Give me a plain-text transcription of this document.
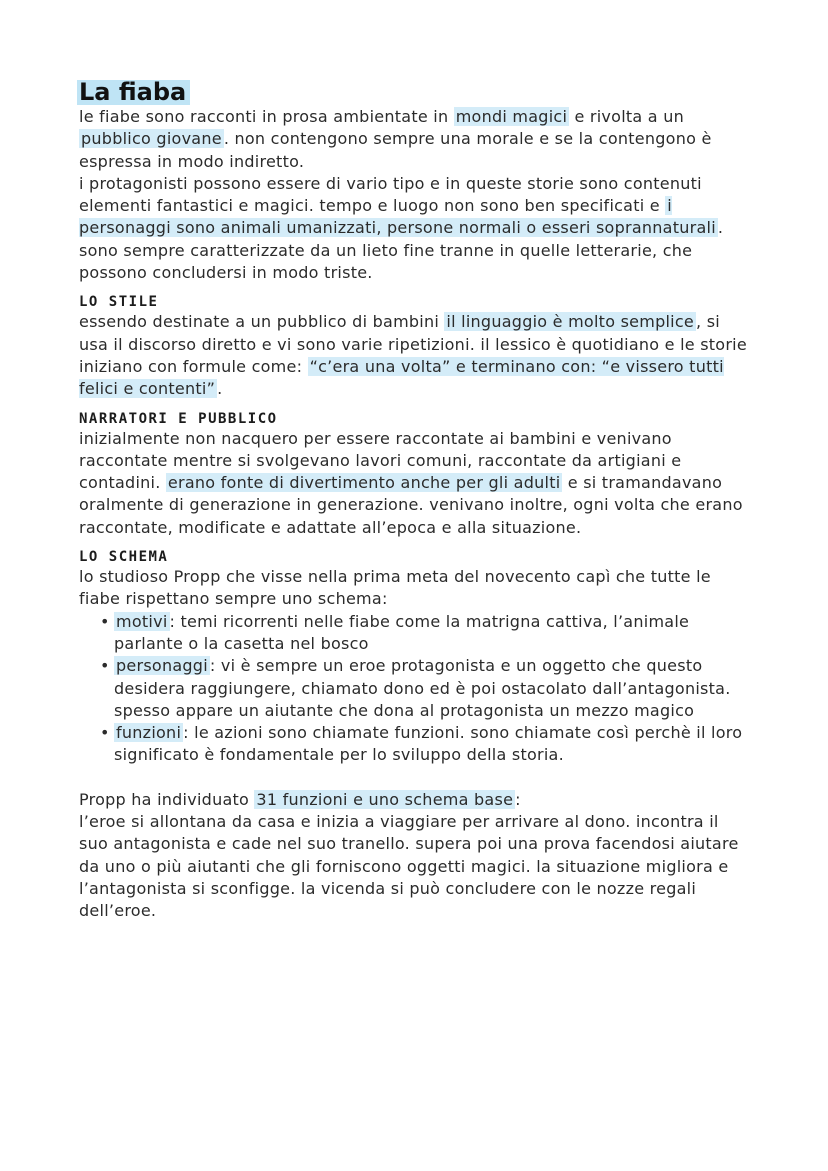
La fiaba

le fiabe sono racconti in prosa ambientate in mondi magici e rivolta a un pubblico giovane . non contengono sempre una morale e se la contengono è espressa in modo indiretto.
i protagonisti possono essere di vario tipo e in queste storie sono contenuti elementi fantastici e magici. tempo e luogo non sono ben specificati e i personaggi sono animali umanizzati, persone normali o esseri soprannaturali . sono sempre caratterizzate da un lieto fine tranne in quelle letterarie, che possono concludersi in modo triste.

LO STILE

essendo destinate a un pubblico di bambini il linguaggio è molto semplice , si usa il discorso diretto e vi sono varie ripetizioni. il lessico è quotidiano e le storie iniziano con formule come: “c’era una volta” e terminano con: “e vissero tutti felici e contenti” .

NARRATORI E PUBBLICO

inizialmente non nacquero per essere raccontate ai bambini e venivano raccontate mentre si svolgevano lavori comuni, raccontate da artigiani e contadini. erano fonte di divertimento anche per gli adulti e si tramandavano oralmente di generazione in generazione. venivano inoltre, ogni volta che erano raccontate, modificate e adattate all’epoca e alla situazione.

LO SCHEMA

lo studioso Propp che visse nella prima meta del novecento capì che tutte le fiabe rispettano sempre uno schema:

• motivi : temi ricorrenti nelle fiabe come la matrigna cattiva, l’animale parlante o la casetta nel bosco
• personaggi : vi è sempre un eroe protagonista e un oggetto che questo desidera raggiungere, chiamato dono ed è poi ostacolato dall’antagonista. spesso appare un aiutante che dona al protagonista un mezzo magico
• funzioni : le azioni sono chiamate funzioni. sono chiamate così perchè il loro significato è fondamentale per lo sviluppo della storia.

Propp ha individuato 31 funzioni e uno schema base :
l’eroe si allontana da casa e inizia a viaggiare per arrivare al dono. incontra il suo antagonista e cade nel suo tranello. supera poi una prova facendosi aiutare da uno o più aiutanti che gli forniscono oggetti magici. la situazione migliora e l’antagonista si sconfigge. la vicenda si può concludere con le nozze regali dell’eroe.
